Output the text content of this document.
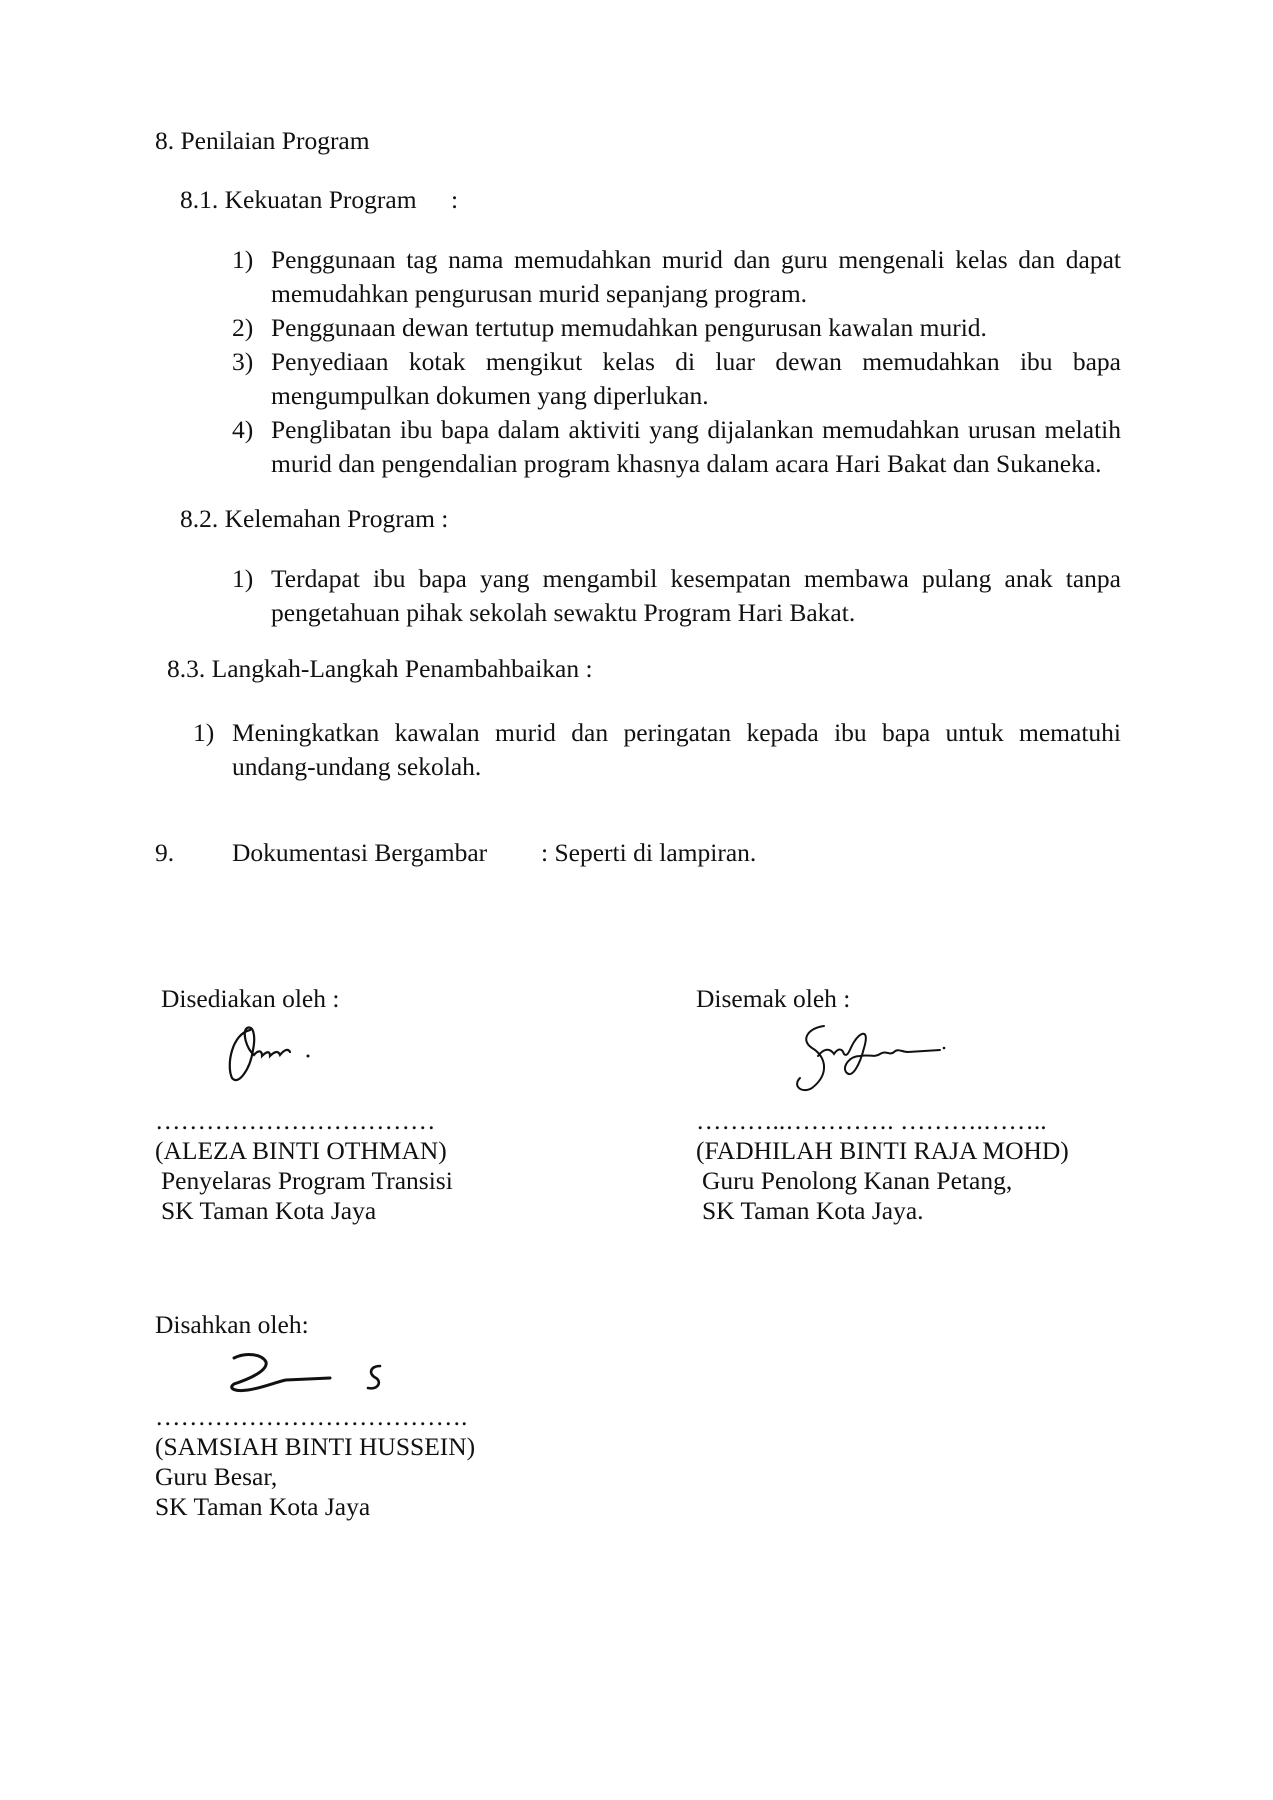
8. Penilaian Program
8.1. Kekuatan Program :
1) Penggunaan tag nama memudahkan murid dan guru mengenali kelas dan dapat memudahkan pengurusan murid sepanjang program.
2) Penggunaan dewan tertutup memudahkan pengurusan kawalan murid.
3) Penyediaan kotak mengikut kelas di luar dewan memudahkan ibu bapa mengumpulkan dokumen yang diperlukan.
4) Penglibatan ibu bapa dalam aktiviti yang dijalankan memudahkan urusan melatih murid dan pengendalian program khasnya dalam acara Hari Bakat dan Sukaneka.
8.2. Kelemahan Program :
1) Terdapat ibu bapa yang mengambil kesempatan membawa pulang anak tanpa pengetahuan pihak sekolah sewaktu Program Hari Bakat.
8.3. Langkah-Langkah Penambahbaikan :
1) Meningkatkan kawalan murid dan peringatan kepada ibu bapa untuk mematuhi undang-undang sekolah.
9. Dokumentasi Bergambar : Seperti di lampiran.
Disediakan oleh :
……………………………
(ALEZA BINTI OTHMAN)
Penyelaras Program Transisi
SK Taman Kota Jaya
Disemak oleh :
………..…………. ……….……..
(FADHILAH BINTI RAJA MOHD)
Guru Penolong Kanan Petang,
SK Taman Kota Jaya.
Disahkan oleh:
……………………………….
(SAMSIAH BINTI HUSSEIN)
Guru Besar,
SK Taman Kota Jaya
